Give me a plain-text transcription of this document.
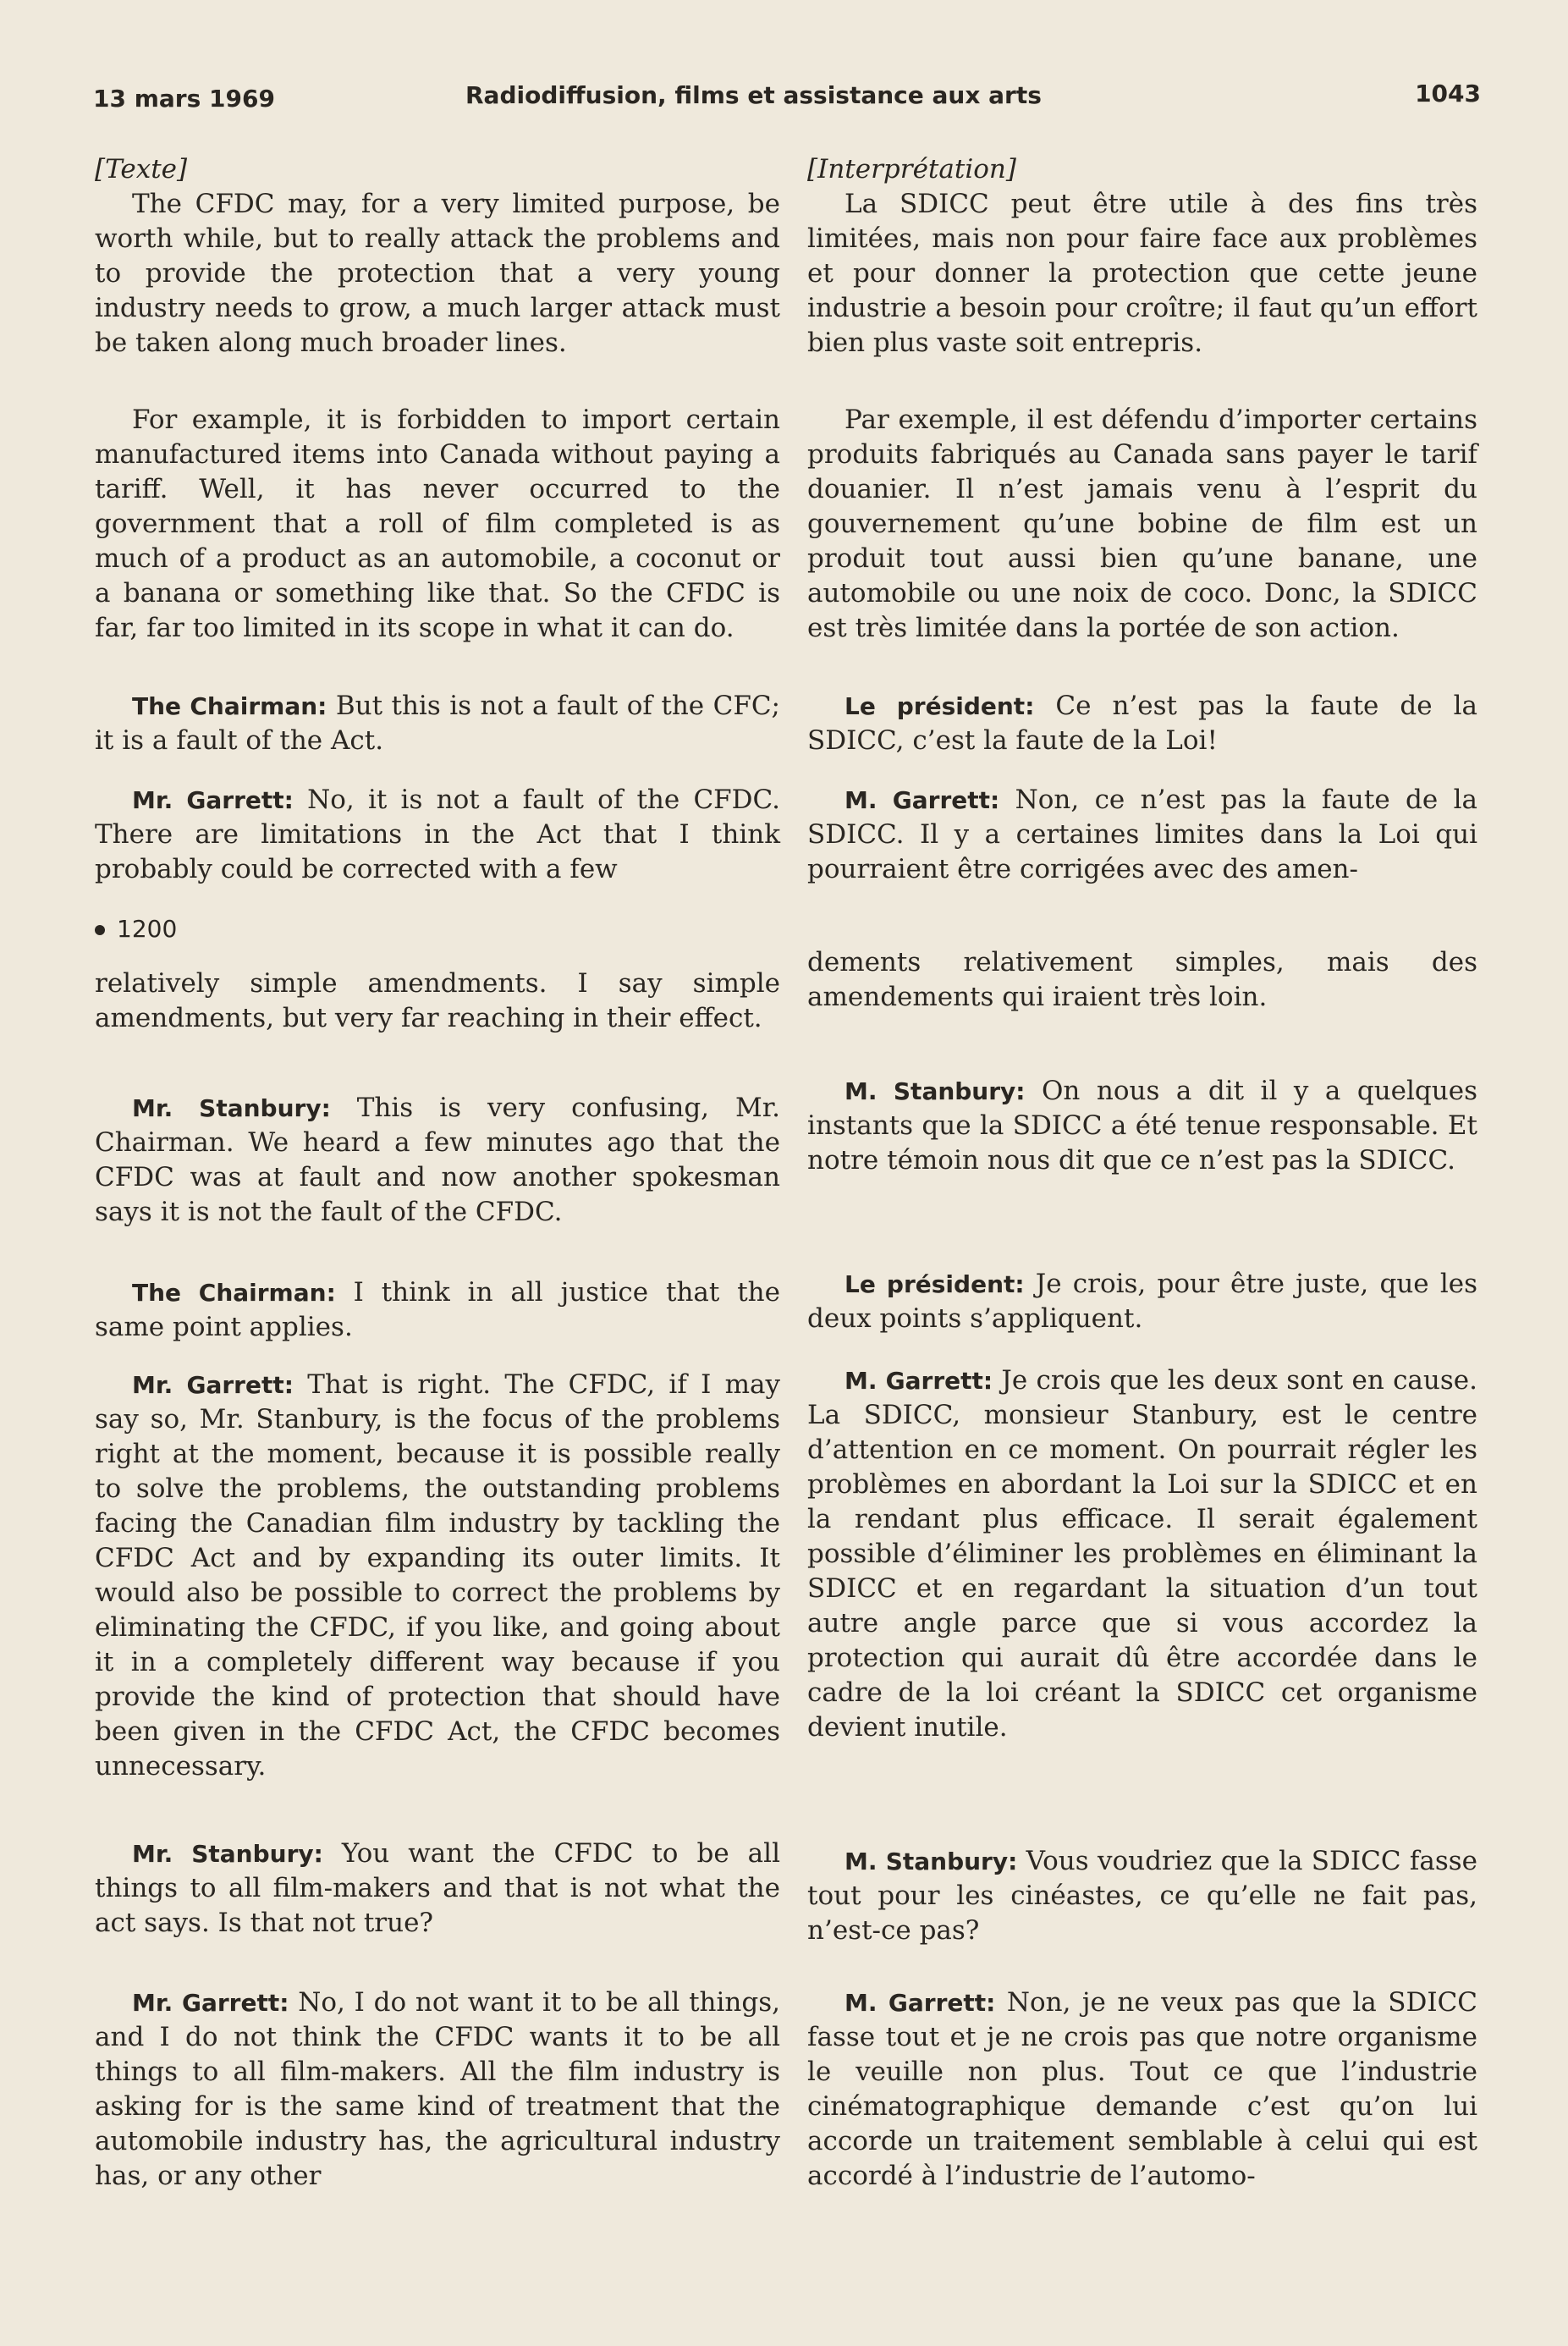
13 mars 1969	Radiodiffusion, films et assistance aux arts	1043

[Texte]

The CFDC may, for a very limited purpose, be worth while, but to really attack the problems and to provide the protection that a very young industry needs to grow, a much larger attack must be taken along much broader lines.

For example, it is forbidden to import certain manufactured items into Canada without paying a tariff. Well, it has never occurred to the government that a roll of film completed is as much of a product as an automobile, a coconut or a banana or something like that. So the CFDC is far, far too limited in its scope in what it can do.

The Chairman: But this is not a fault of the CFC; it is a fault of the Act.

Mr. Garrett: No, it is not a fault of the CFDC. There are limitations in the Act that I think probably could be corrected with a few

1200

relatively simple amendments. I say simple amendments, but very far reaching in their effect.

Mr. Stanbury: This is very confusing, Mr. Chairman. We heard a few minutes ago that the CFDC was at fault and now another spokesman says it is not the fault of the CFDC.

The Chairman: I think in all justice that the same point applies.

Mr. Garrett: That is right. The CFDC, if I may say so, Mr. Stanbury, is the focus of the problems right at the moment, because it is possible really to solve the problems, the outstanding problems facing the Canadian film industry by tackling the CFDC Act and by expanding its outer limits. It would also be possible to correct the problems by eliminating the CFDC, if you like, and going about it in a completely different way because if you provide the kind of protection that should have been given in the CFDC Act, the CFDC becomes unnecessary.

Mr. Stanbury: You want the CFDC to be all things to all film-makers and that is not what the act says. Is that not true?

Mr. Garrett: No, I do not want it to be all things, and I do not think the CFDC wants it to be all things to all film-makers. All the film industry is asking for is the same kind of treatment that the automobile industry has, the agricultural industry has, or any other

[Interprétation]

La SDICC peut être utile à des fins très limitées, mais non pour faire face aux problèmes et pour donner la protection que cette jeune industrie a besoin pour croître; il faut qu’un effort bien plus vaste soit entrepris.

Par exemple, il est défendu d’importer certains produits fabriqués au Canada sans payer le tarif douanier. Il n’est jamais venu à l’esprit du gouvernement qu’une bobine de film est un produit tout aussi bien qu’une banane, une automobile ou une noix de coco. Donc, la SDICC est très limitée dans la portée de son action.

Le président: Ce n’est pas la faute de la SDICC, c’est la faute de la Loi!

M. Garrett: Non, ce n’est pas la faute de la SDICC. Il y a certaines limites dans la Loi qui pourraient être corrigées avec des amen-

dements relativement simples, mais des amendements qui iraient très loin.

M. Stanbury: On nous a dit il y a quelques instants que la SDICC a été tenue responsable. Et notre témoin nous dit que ce n’est pas la SDICC.

Le président: Je crois, pour être juste, que les deux points s’appliquent.

M. Garrett: Je crois que les deux sont en cause. La SDICC, monsieur Stanbury, est le centre d’attention en ce moment. On pourrait régler les problèmes en abordant la Loi sur la SDICC et en la rendant plus efficace. Il serait également possible d’éliminer les problèmes en éliminant la SDICC et en regardant la situation d’un tout autre angle parce que si vous accordez la protection qui aurait dû être accordée dans le cadre de la loi créant la SDICC cet organisme devient inutile.

M. Stanbury: Vous voudriez que la SDICC fasse tout pour les cinéastes, ce qu’elle ne fait pas, n’est-ce pas?

M. Garrett: Non, je ne veux pas que la SDICC fasse tout et je ne crois pas que notre organisme le veuille non plus. Tout ce que l’industrie cinématographique demande c’est qu’on lui accorde un traitement semblable à celui qui est accordé à l’industrie de l’automo-
